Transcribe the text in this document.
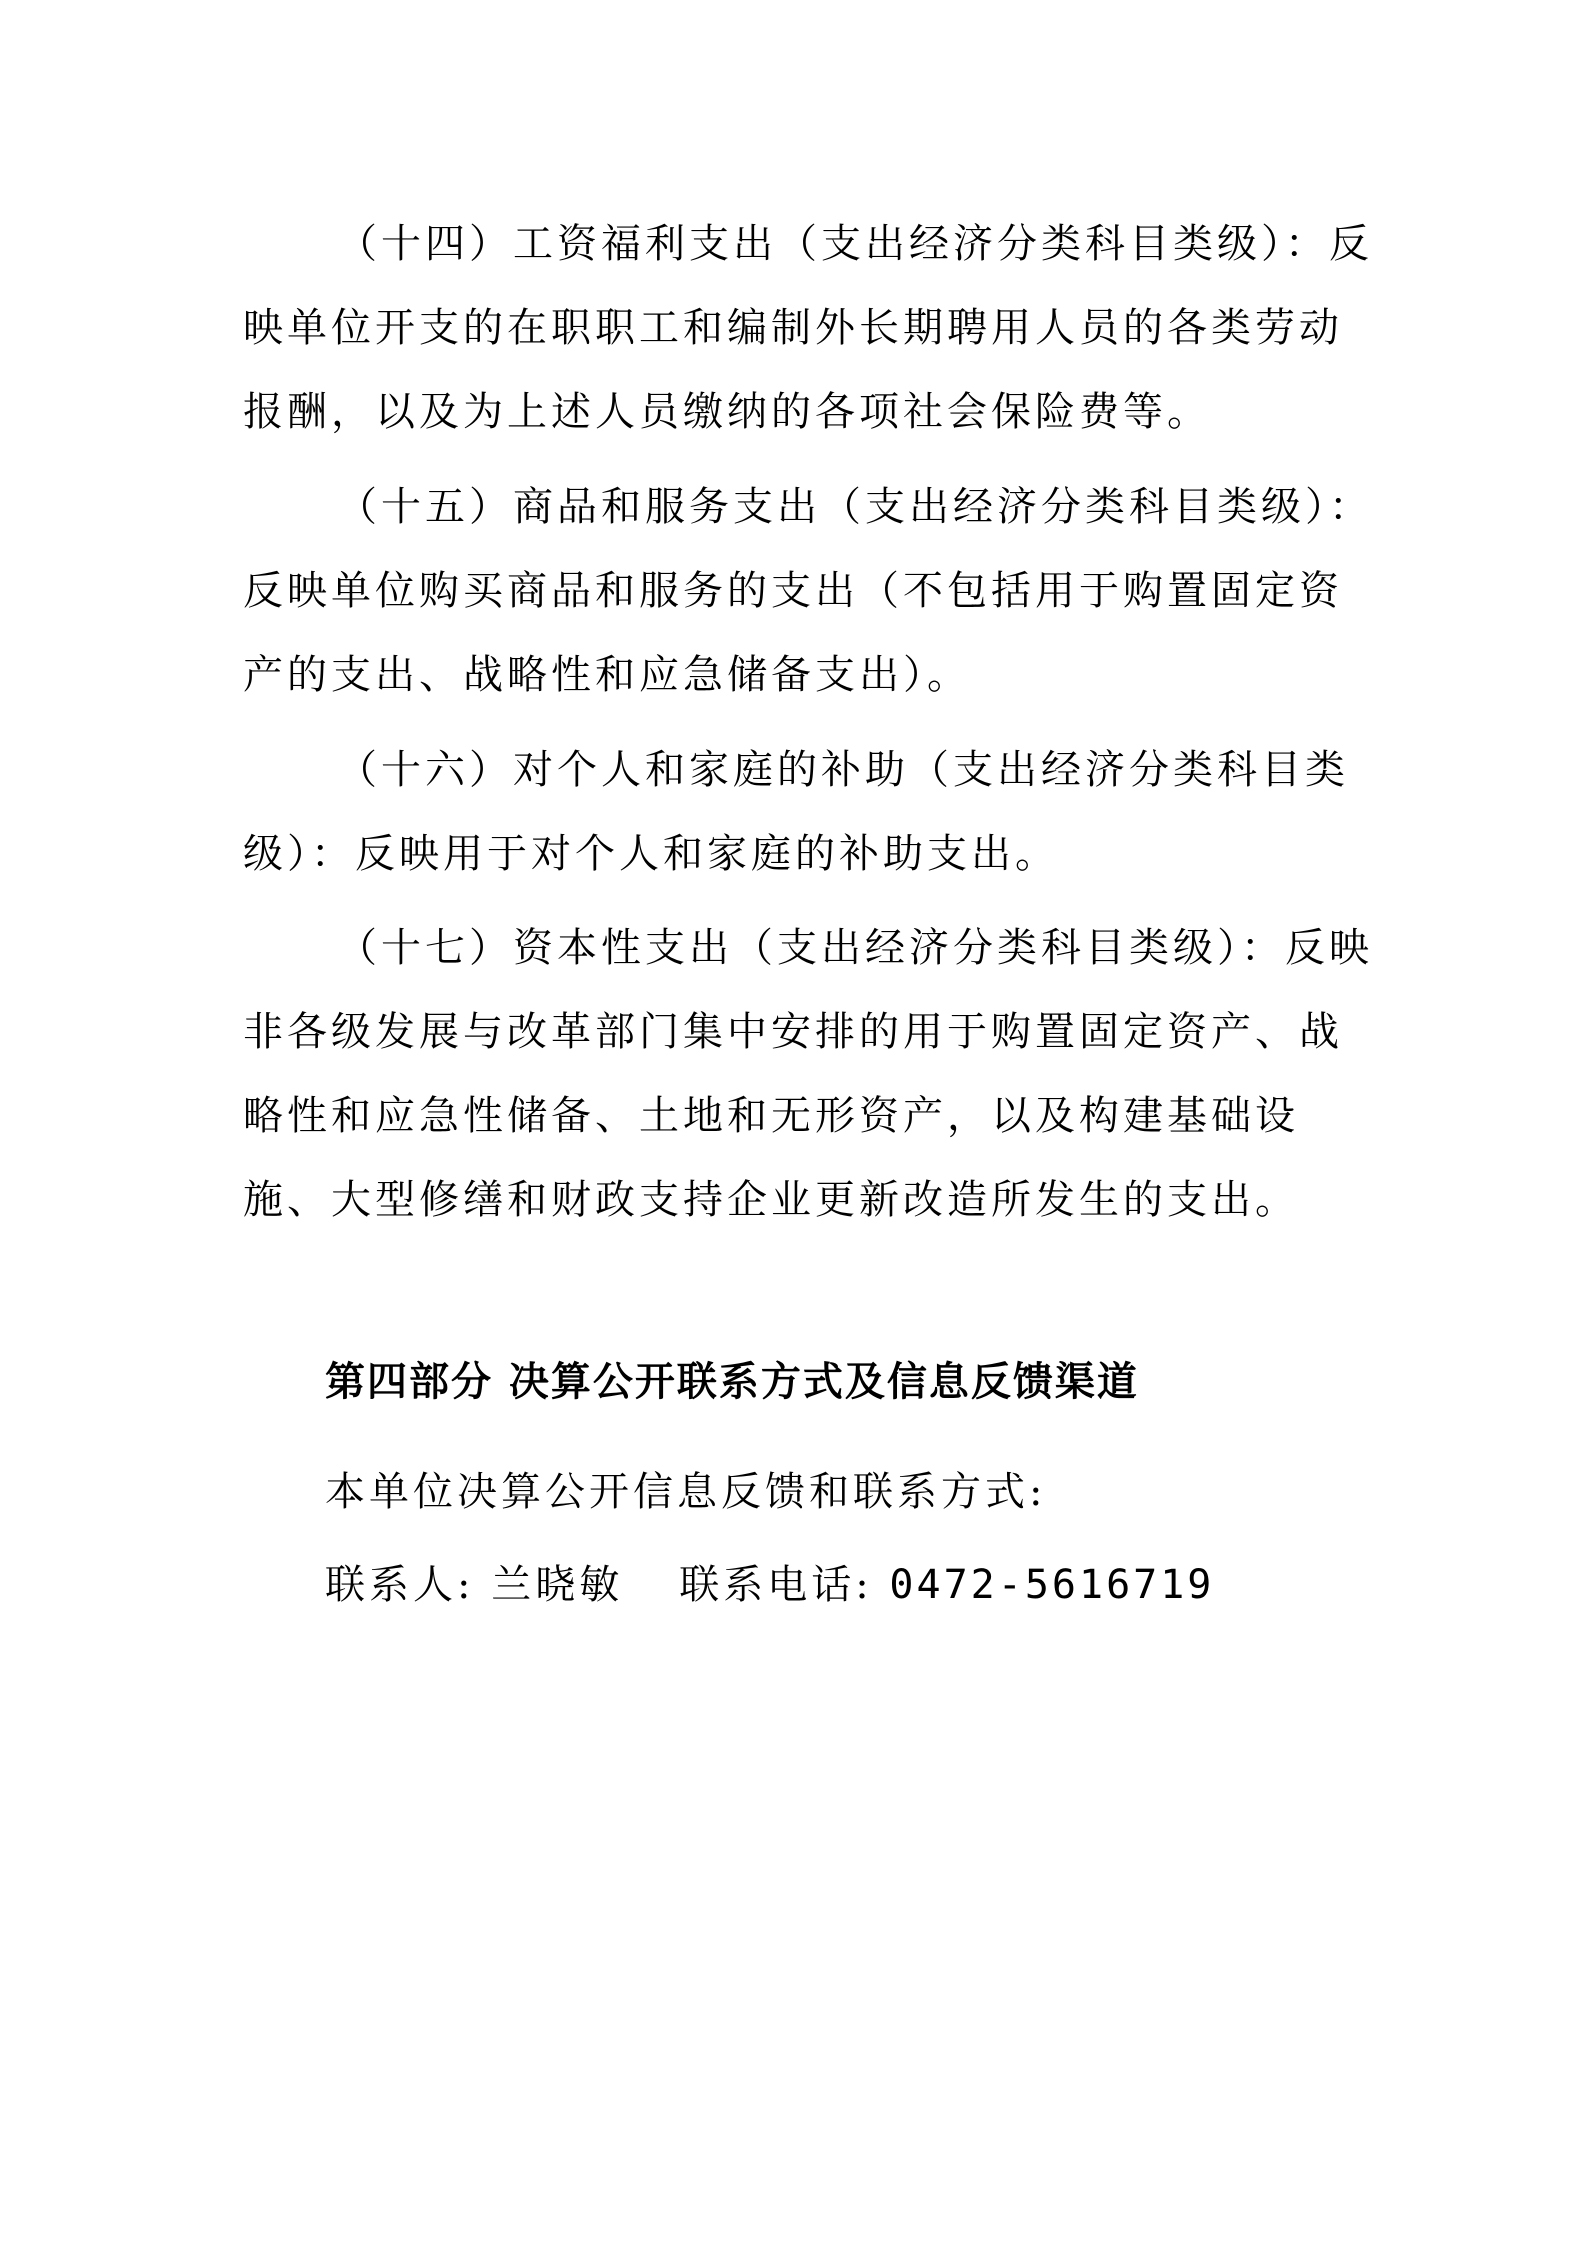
（十四）工资福利支出（支出经济分类科目类级）：反
映单位开支的在职职工和编制外长期聘用人员的各类劳动
报酬，以及为上述人员缴纳的各项社会保险费等。
（十五）商品和服务支出（支出经济分类科目类级）：
反映单位购买商品和服务的支出（不包括用于购置固定资
产的支出、战略性和应急储备支出）。
（十六）对个人和家庭的补助（支出经济分类科目类
级）：反映用于对个人和家庭的补助支出。
（十七）资本性支出（支出经济分类科目类级）：反映
非各级发展与改革部门集中安排的用于购置固定资产、战
略性和应急性储备、土地和无形资产，以及构建基础设
施、大型修缮和财政支持企业更新改造所发生的支出。
第四部分 决算公开联系方式及信息反馈渠道

本单位决算公开信息反馈和联系方式:

联系人: 兰晓敏 联系电话: 0472-5616719
